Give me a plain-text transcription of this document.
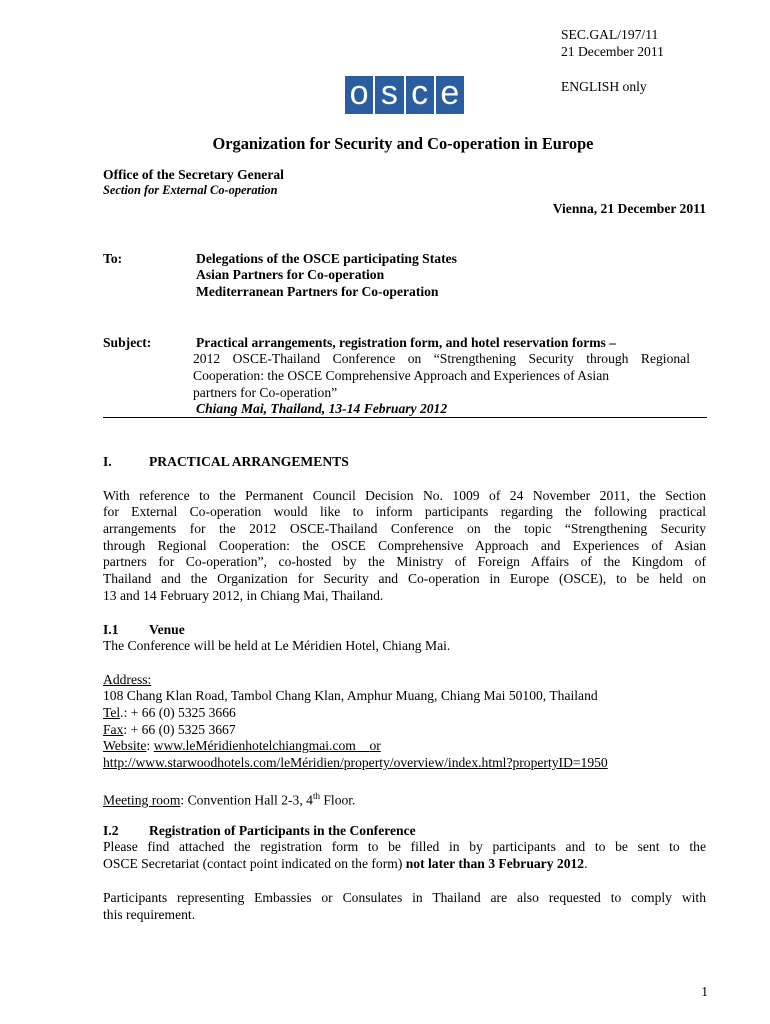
SEC.GAL/197/11
21 December 2011
ENGLISH only
o s c e
Organization for Security and Co-operation in Europe
Office of the Secretary General
Section for External Co-operation
Vienna, 21 December 2011
To:	Delegations of the OSCE participating States
Asian Partners for Co-operation
Mediterranean Partners for Co-operation
Subject:	Practical arrangements, registration form, and hotel reservation forms –
2012 OSCE-Thailand Conference on “Strengthening Security through Regional
Cooperation: the OSCE Comprehensive Approach and Experiences of Asian
partners for Co-operation”
Chiang Mai, Thailand, 13-14 February 2012
I.	PRACTICAL ARRANGEMENTS
With reference to the Permanent Council Decision No. 1009 of 24 November 2011, the Section
for External Co-operation would like to inform participants regarding the following practical
arrangements for the 2012 OSCE-Thailand Conference on the topic “Strengthening Security
through Regional Cooperation: the OSCE Comprehensive Approach and Experiences of Asian
partners for Co-operation”, co-hosted by the Ministry of Foreign Affairs of the Kingdom of
Thailand and the Organization for Security and Co-operation in Europe (OSCE), to be held on
13 and 14 February 2012, in Chiang Mai, Thailand.
I.1 Venue
The Conference will be held at Le Méridien Hotel, Chiang Mai.
Address:
108 Chang Klan Road, Tambol Chang Klan, Amphur Muang, Chiang Mai 50100, Thailand
Tel.: + 66 (0) 5325 3666
Fax: + 66 (0) 5325 3667
Website: www.leMéridienhotelchiangmai.com or
http://www.starwoodhotels.com/leMéridien/property/overview/index.html?propertyID=1950
Meeting room: Convention Hall 2-3, 4th Floor.
I.2 Registration of Participants in the Conference
Please find attached the registration form to be filled in by participants and to be sent to the
OSCE Secretariat (contact point indicated on the form) not later than 3 February 2012.
Participants representing Embassies or Consulates in Thailand are also requested to comply with
this requirement.
1
